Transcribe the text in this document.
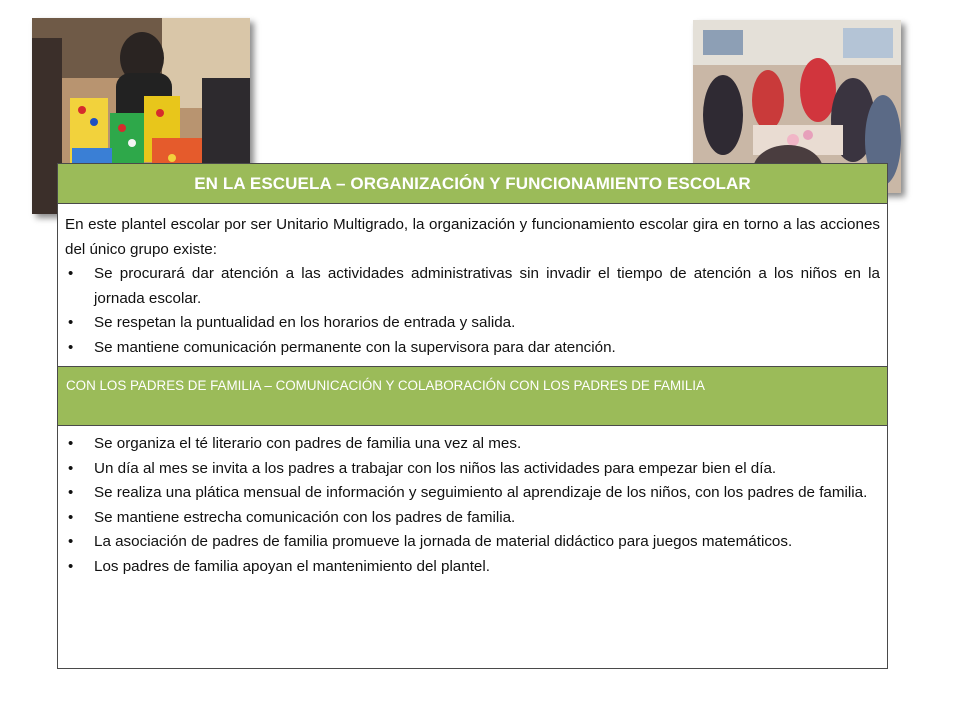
EN LA ESCUELA – ORGANIZACIÓN Y FUNCIONAMIENTO ESCOLAR

En este plantel escolar por ser Unitario Multigrado, la organización y funcionamiento escolar gira en torno a las acciones del único grupo existe:

• Se procurará dar atención a las actividades administrativas sin invadir el tiempo de atención a los niños en la jornada escolar.
• Se respetan la puntualidad en los horarios de entrada y salida.
• Se mantiene comunicación permanente con la supervisora para dar atención.
CON LOS PADRES DE FAMILIA – COMUNICACIÓN Y COLABORACIÓN CON LOS PADRES DE FAMILIA
• Se organiza el té literario con padres de familia una vez al mes.
• Un día al mes se invita a los padres a trabajar con los niños las actividades para empezar bien el día.
• Se realiza una plática mensual de información y seguimiento al aprendizaje de los niños, con los padres de familia.
• Se mantiene estrecha comunicación con los padres de familia.
• La asociación de padres de familia promueve la jornada de material didáctico para juegos matemáticos.
• Los padres de familia apoyan el mantenimiento del plantel.
